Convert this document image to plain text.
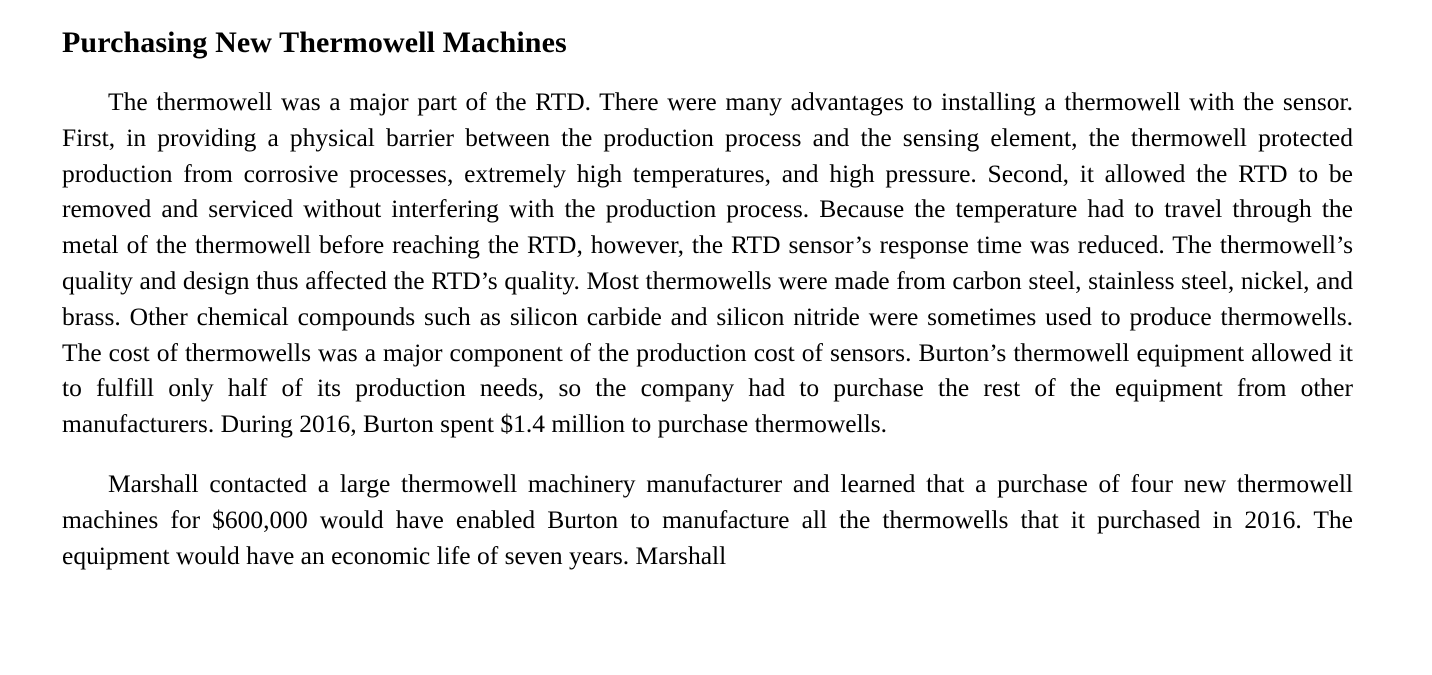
Purchasing New Thermowell Machines

The thermowell was a major part of the RTD. There were many advantages to installing a thermowell with the sensor. First, in providing a physical barrier between the production process and the sensing element, the thermowell protected production from corrosive processes, extremely high temperatures, and high pressure. Second, it allowed the RTD to be removed and serviced without interfering with the production process. Because the temperature had to travel through the metal of the thermowell before reaching the RTD, however, the RTD sensor’s response time was reduced. The thermowell’s quality and design thus affected the RTD’s quality. Most thermowells were made from carbon steel, stainless steel, nickel, and brass. Other chemical compounds such as silicon carbide and silicon nitride were sometimes used to produce thermowells. The cost of thermowells was a major component of the production cost of sensors. Burton’s thermowell equipment allowed it to fulfill only half of its production needs, so the company had to purchase the rest of the equipment from other manufacturers. During 2016, Burton spent $1.4 million to purchase thermowells.

Marshall contacted a large thermowell machinery manufacturer and learned that a purchase of four new thermowell machines for $600,000 would have enabled Burton to manufacture all the thermowells that it purchased in 2016. The equipment would have an economic life of seven years. Marshall
